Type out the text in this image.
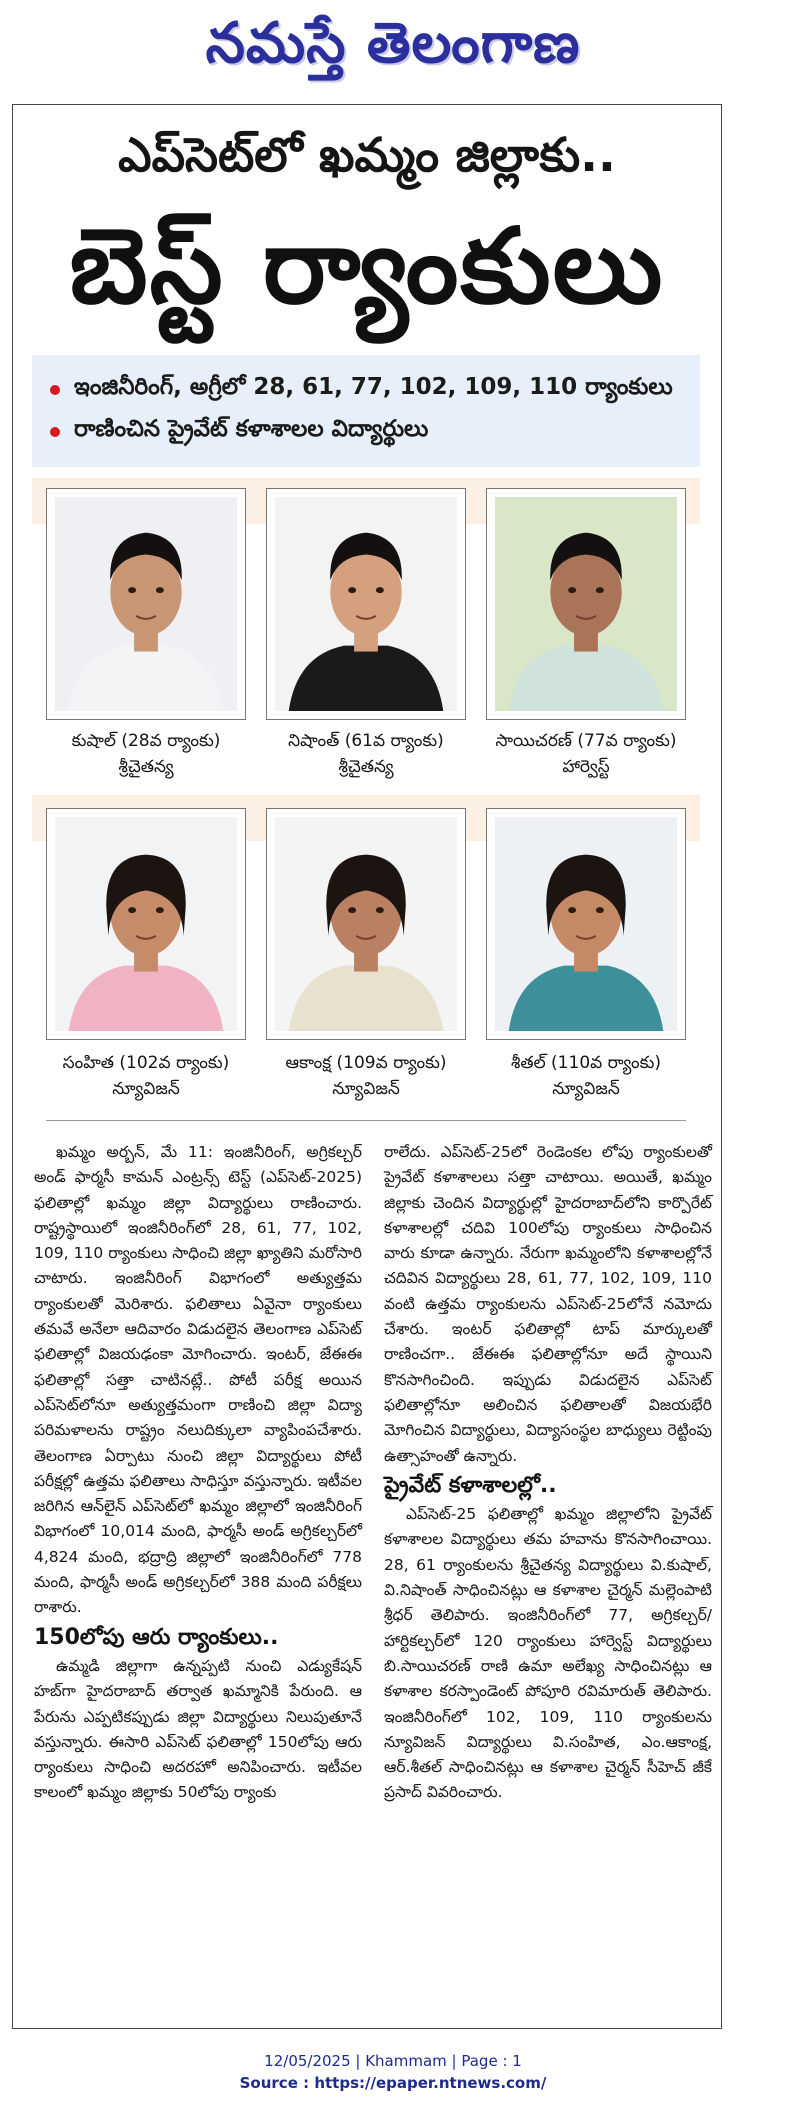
నమస్తే తెలంగాణ
ఎప్‌సెట్‌లో ఖమ్మం జిల్లాకు..
బెస్ట్‌ ర్యాంకులు
ఇంజినీరింగ్‌, అగ్రీలో 28, 61, 77, 102, 109, 110 ర్యాంకులు
రాణించిన ప్రైవేట్‌ కళాశాలల విద్యార్థులు
కుషాల్‌ (28వ ర్యాంకు)
శ్రీచైతన్య
నిషాంత్‌ (61వ ర్యాంకు)
శ్రీచైతన్య
సాయిచరణ్‌ (77వ ర్యాంకు)
హార్వెస్ట్‌
సంహిత (102వ ర్యాంకు)
న్యూవిజన్‌
ఆకాంక్ష (109వ ర్యాంకు)
న్యూవిజన్‌
శీతల్‌ (110వ ర్యాంకు)
న్యూవిజన్‌

ఖమ్మం అర్బన్‌, మే 11: ఇంజినీరింగ్‌, అగ్రికల్చర్‌ అండ్‌ ఫార్మసీ కామన్‌ ఎంట్రన్స్‌ టెస్ట్‌ (ఎప్‌సెట్‌-2025) ఫలితాల్లో ఖమ్మం జిల్లా విద్యార్థులు రాణించారు. రాష్ట్రస్థాయిలో ఇంజినీరింగ్‌లో 28, 61, 77, 102, 109, 110 ర్యాంకులు సాధించి జిల్లా ఖ్యాతిని మరోసారి చాటారు. ఇంజినీరింగ్‌ విభాగంలో అత్యుత్తమ ర్యాంకులతో మెరిశారు. ఫలితాలు ఏవైనా ర్యాంకులు తమవే అనేలా ఆదివారం విడుదలైన తెలంగాణ ఎప్‌సెట్‌ ఫలితాల్లో విజయఢంకా మోగించారు. ఇంటర్‌, జేఈఈ ఫలితాల్లో సత్తా చాటినట్లే.. పోటీ పరీక్ష అయిన ఎప్‌సెట్‌లోనూ అత్యుత్తమంగా రాణించి జిల్లా విద్యా పరిమళాలను రాష్ట్రం నలుదిక్కులా వ్యాపింపచేశారు. తెలంగాణ ఏర్పాటు నుంచి జిల్లా విద్యార్థులు పోటీ పరీక్షల్లో ఉత్తమ ఫలితాలు సాధిస్తూ వస్తున్నారు. ఇటీవల జరిగిన ఆన్‌లైన్‌ ఎప్‌సెట్‌లో ఖమ్మం జిల్లాలో ఇంజినీరింగ్‌ విభాగంలో 10,014 మంది, ఫార్మసీ అండ్‌ అగ్రికల్చర్‌లో 4,824 మంది, భద్రాద్రి జిల్లాలో ఇంజినీరింగ్‌లో 778 మంది, ఫార్మసీ అండ్‌ అగ్రికల్చర్‌లో 388 మంది పరీక్షలు రాశారు.

150లోపు ఆరు ర్యాంకులు..

ఉమ్మడి జిల్లాగా ఉన్నప్పటి నుంచి ఎడ్యుకేషన్‌ హబ్‌గా హైదరాబాద్‌ తర్వాత ఖమ్మానికి పేరుంది. ఆ పేరును ఎప్పటికప్పుడు జిల్లా విద్యార్థులు నిలుపుతూనే వస్తున్నారు. ఈసారి ఎప్‌సెట్‌ ఫలితాల్లో 150లోపు ఆరు ర్యాంకులు సాధించి అదరహో అనిపించారు. ఇటీవల కాలంలో ఖమ్మం జిల్లాకు 50లోపు ర్యాంకు

రాలేదు. ఎప్‌సెట్‌-25లో రెండెంకల లోపు ర్యాంకులతో ప్రైవేట్‌ కళాశాలలు సత్తా చాటాయి. అయితే, ఖమ్మం జిల్లాకు చెందిన విద్యార్థుల్లో హైదరాబాద్‌లోని కార్పొరేట్‌ కళాశాలల్లో చదివి 100లోపు ర్యాంకులు సాధించిన వారు కూడా ఉన్నారు. నేరుగా ఖమ్మంలోని కళాశాలల్లోనే చదివిన విద్యార్థులు 28, 61, 77, 102, 109, 110 వంటి ఉత్తమ ర్యాంకులను ఎప్‌సెట్‌-25లోనే నమోదు చేశారు. ఇంటర్‌ ఫలితాల్లో టాప్‌ మార్కులతో రాణించగా.. జేఈఈ ఫలితాల్లోనూ అదే స్థాయిని కొనసాగించింది. ఇప్పుడు విడుదలైన ఎప్‌సెట్‌ ఫలితాల్లోనూ అలించిన ఫలితాలతో విజయభేరి మోగించిన విద్యార్థులు, విద్యాసంస్థల బాధ్యులు రెట్టింపు ఉత్సాహంతో ఉన్నారు.

ప్రైవేట్‌ కళాశాలల్లో..

ఎప్‌సెట్‌-25 ఫలితాల్లో ఖమ్మం జిల్లాలోని ప్రైవేట్‌ కళాశాలల విద్యార్థులు తమ హవాను కొనసాగించాయి. 28, 61 ర్యాంకులను శ్రీచైతన్య విద్యార్థులు వి.కుషాల్‌, వి.నిషాంత్‌ సాధించినట్లు ఆ కళాశాల చైర్మన్‌ మల్లెంపాటి శ్రీధర్‌ తెలిపారు. ఇంజినీరింగ్‌లో 77, అగ్రికల్చర్‌/హార్టికల్చర్‌లో 120 ర్యాంకులు హార్వెస్ట్‌ విద్యార్థులు బి.సాయిచరణ్‌ రాణి ఉమా అలేఖ్య సాధించినట్లు ఆ కళాశాల కరస్పాండెంట్‌ పోపూరి రవిమారుత్‌ తెలిపారు. ఇంజినీరింగ్‌లో 102, 109, 110 ర్యాంకులను న్యూవిజన్‌ విద్యార్థులు వి.సంహిత, ఎం.ఆకాంక్ష, ఆర్‌.శీతల్‌ సాధించినట్లు ఆ కళాశాల చైర్మన్‌ సీహెచ్‌ జీకే ప్రసాద్‌ వివరించారు.

12/05/2025 | Khammam | Page : 1
Source : https://epaper.ntnews.com/
